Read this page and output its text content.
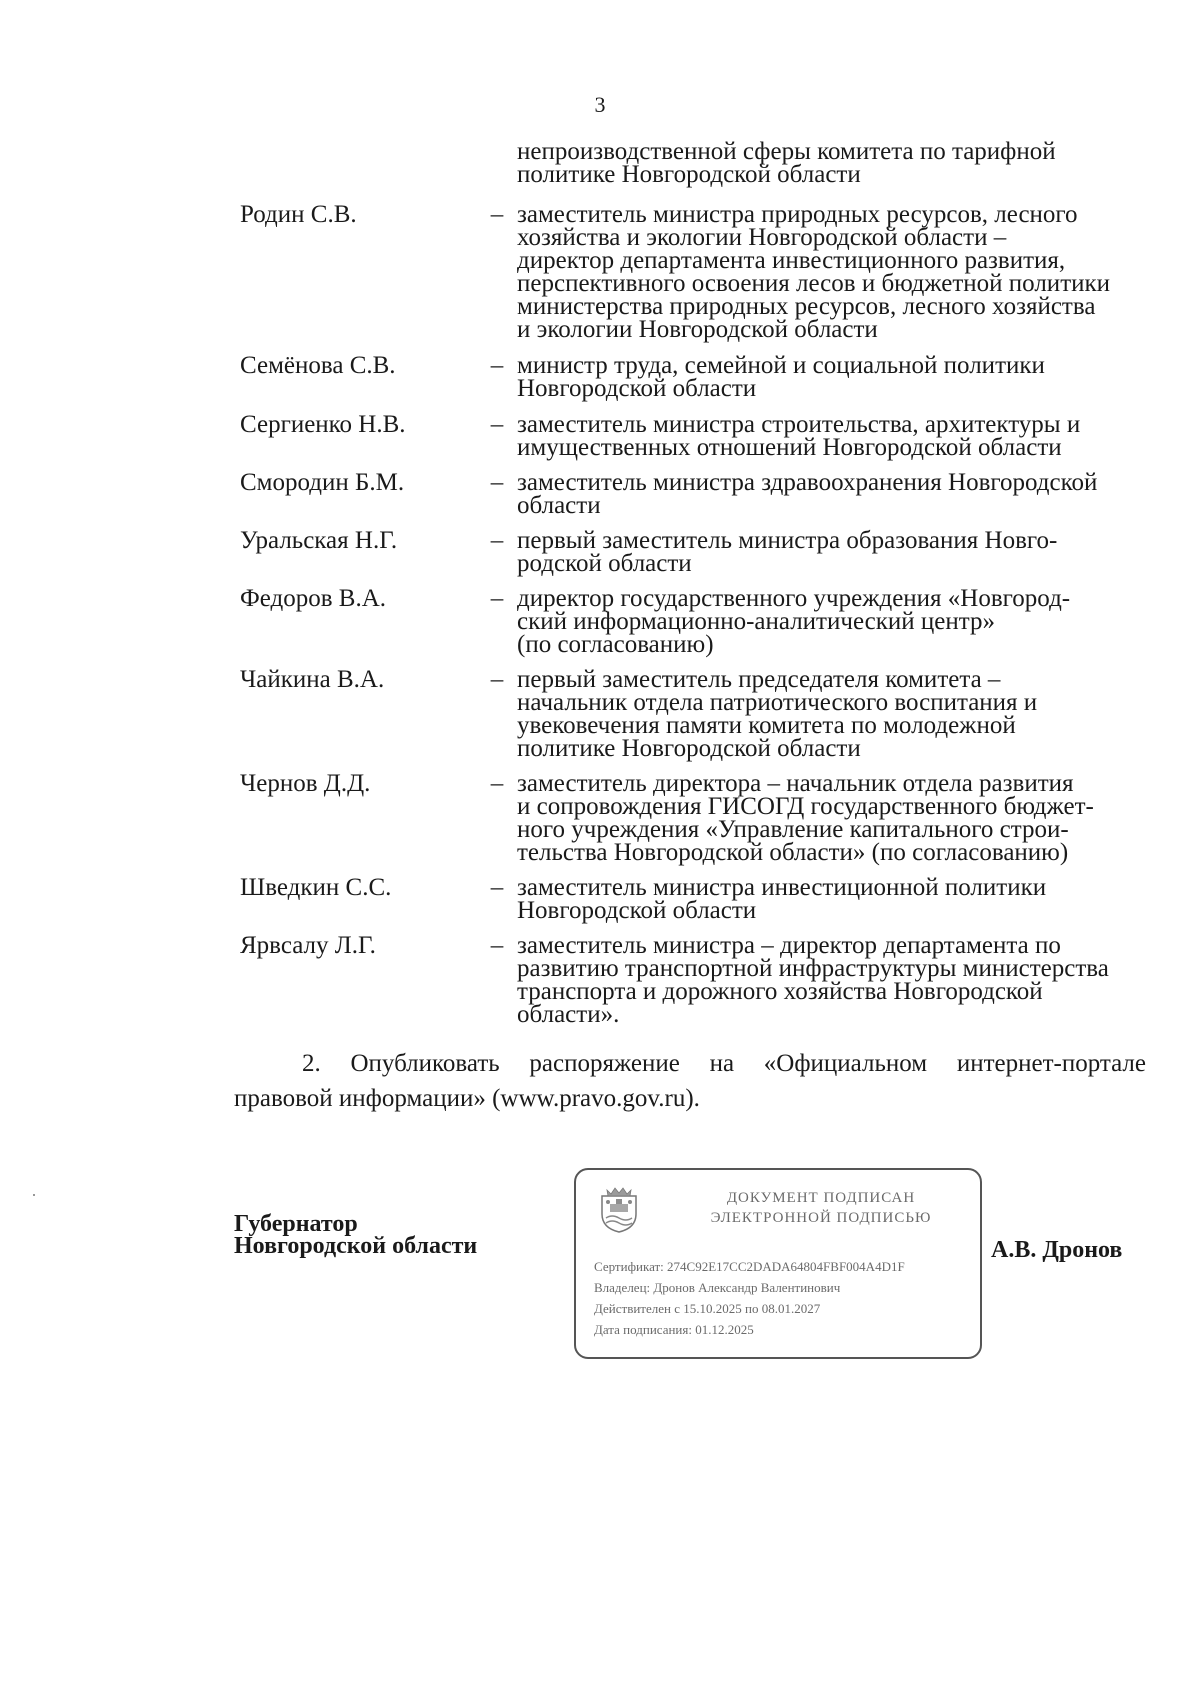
3
непроизводственной сферы комитета по тарифной
политике Новгородской области
Родин С.В.	– заместитель министра природных ресурсов, лесного
хозяйства и экологии Новгородской области –
директор департамента инвестиционного развития,
перспективного освоения лесов и бюджетной политики
министерства природных ресурсов, лесного хозяйства
и экологии Новгородской области
Семёнова С.В.	– министр труда, семейной и социальной политики
Новгородской области
Сергиенко Н.В.	– заместитель министра строительства, архитектуры и
имущественных отношений Новгородской области
Смородин Б.М.	– заместитель министра здравоохранения Новгородской
области
Уральская Н.Г.	– первый заместитель министра образования Новго-
родской области
Федоров В.А.	– директор государственного учреждения «Новгород-
ский информационно-аналитический центр»
(по согласованию)
Чайкина В.А.	– первый заместитель председателя комитета –
начальник отдела патриотического воспитания и
увековечения памяти комитета по молодежной
политике Новгородской области
Чернов Д.Д.	– заместитель директора – начальник отдела развития
и сопровождения ГИСОГД государственного бюджет-
ного учреждения «Управление капитального строи-
тельства Новгородской области» (по согласованию)
Шведкин С.С.	– заместитель министра инвестиционной политики
Новгородской области
Ярвсалу Л.Г.	– заместитель министра – директор департамента по
развитию транспортной инфраструктуры министерства
транспорта и дорожного хозяйства Новгородской
области».
2. Опубликовать распоряжение на «Официальном интернет-портале
правовой информации» (www.pravo.gov.ru).
Губернатор
Новгородской области
ДОКУМЕНТ ПОДПИСАН
ЭЛЕКТРОННОЙ ПОДПИСЬЮ
Сертификат: 274C92E17CC2DADA64804FBF004A4D1F
Владелец: Дронов Александр Валентинович
Действителен с 15.10.2025 по 08.01.2027
Дата подписания: 01.12.2025
А.В. Дронов
